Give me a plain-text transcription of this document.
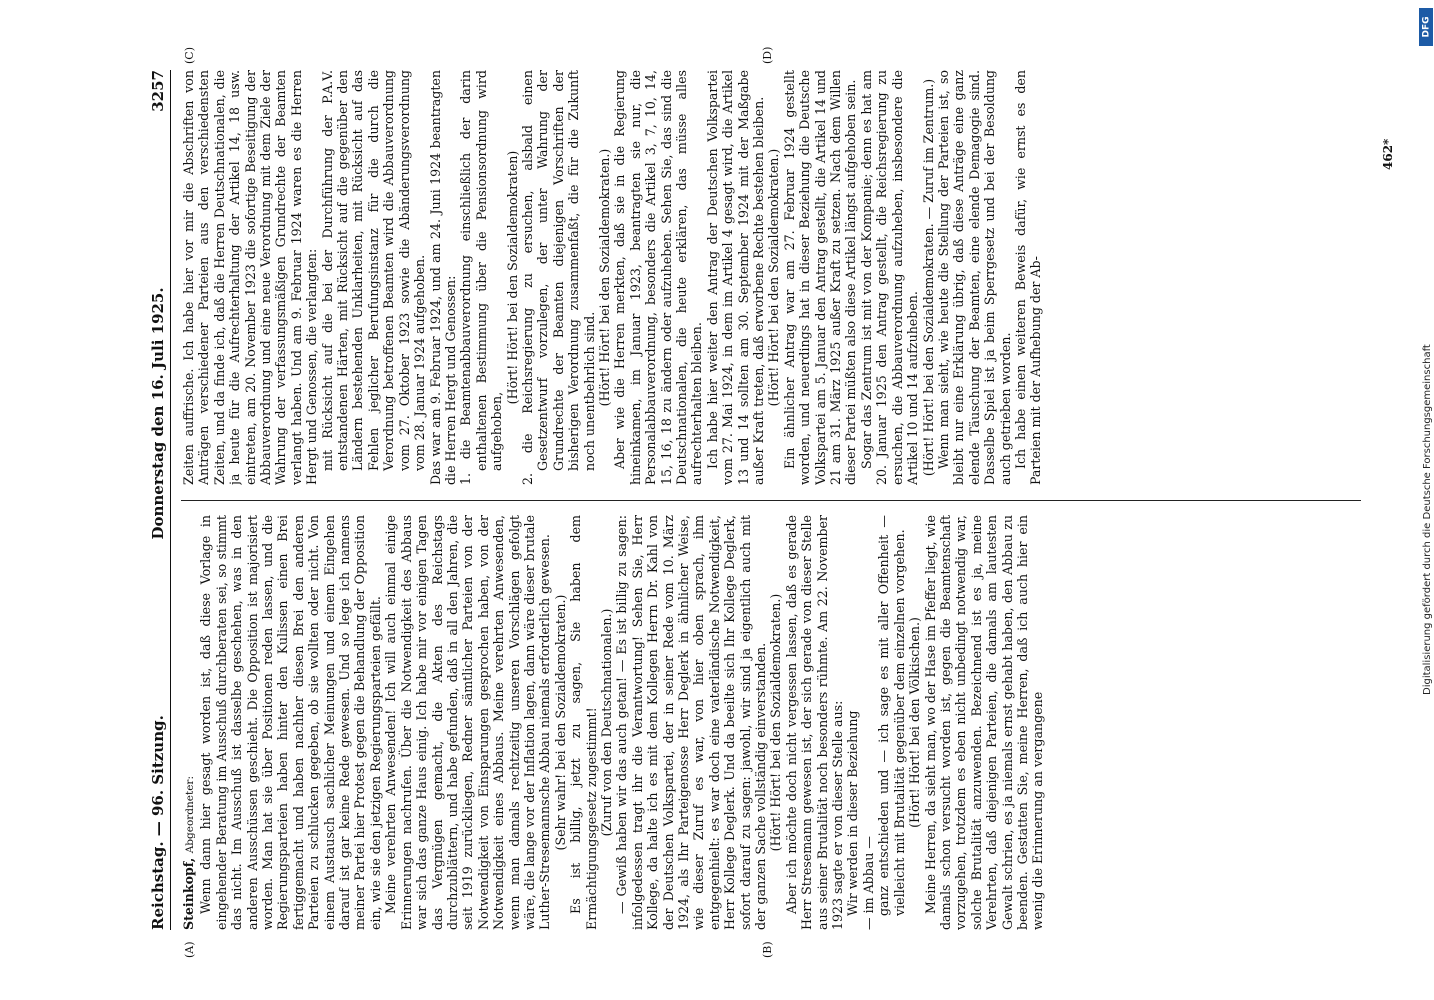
Reichstag. — 96. Sitzung.
Donnerstag den 16. Juli 1925.
3257
(A)	(B)
(C)	(D)

Steinkopf, Abgeordneter: Wenn dann hier gesagt worden ist, daß diese Vorlage in eingehender Beratung im Ausschuß durchberaten sei, so stimmt das nicht. Im Ausschuß ist dasselbe geschehen, was in den anderen Ausschüssen geschieht. Die Opposition ist majorisiert worden. Man hat sie über Positionen reden lassen, und die Regierungsparteien haben hinter den Kulissen einen Brei fertiggemacht und haben nachher diesen Brei den anderen Parteien zu schlucken gegeben, ob sie wollten oder nicht. Von einem Austausch sachlicher Meinungen und einem Eingehen darauf ist gar keine Rede gewesen. Und so lege ich namens meiner Partei hier Protest gegen die Behandlung der Opposition ein, wie sie den jetzigen Regierungsparteien gefällt. Meine verehrten Anwesenden! Ich will auch einmal einige Erinnerungen nachrufen. Über die Notwendigkeit des Abbaus war sich das ganze Haus einig. Ich habe mir vor einigen Tagen das Vergnügen gemacht, die Akten des Reichstags durchzublättern, und habe gefunden, daß in all den Jahren, die seit 1919 zurückliegen, Redner sämtlicher Parteien von der Notwendigkeit von Einsparungen gesprochen haben, von der Notwendigkeit eines Abbaus. Meine verehrten Anwesenden, wenn man damals rechtzeitig unseren Vorschlägen gefolgt wäre, die lange vor der Inflation lagen, dann wäre dieser brutale Luther-Stresemannsche Abbau niemals erforderlich gewesen. (Sehr wahr! bei den Sozialdemokraten.) Es ist billig, jetzt zu sagen, Sie haben dem Ermächtigungsgesetz zugestimmt! (Zuruf von den Deutschnationalen.) — Gewiß haben wir das auch getan! — Es ist billig zu sagen: infolgedessen tragt ihr die Verantwortung! Sehen Sie, Herr Kollege, da halte ich es mit dem Kollegen Herrn Dr. Kahl von der Deutschen Volkspartei, der in seiner Rede vom 10. März 1924, als Ihr Parteigenosse Herr Deglerk in ähnlicher Weise, wie dieser Zuruf es war, von hier oben sprach, ihm entgegenhielt: es war doch eine vaterländische Notwendigkeit, Herr Kollege Deglerk. Und da beeilte sich Ihr Kollege Deglerk, sofort darauf zu sagen: jawohl, wir sind ja eigentlich auch mit der ganzen Sache vollständig einverstanden. (Hört! Hört! bei den Sozialdemokraten.) Aber ich möchte doch nicht vergessen lassen, daß es gerade Herr Stresemann gewesen ist, der sich gerade von dieser Stelle aus seiner Brutalität noch besonders rühmte. Am 22. November 1923 sagte er von dieser Stelle aus: Wir werden in dieser Beziehung — im Abbau — ganz entschieden und — ich sage es mit aller Offenheit — vielleicht mit Brutalität gegenüber dem einzelnen vorgehen. (Hört! Hört! bei den Völkischen.) Meine Herren, da sieht man, wo der Hase im Pfeffer liegt, wie damals schon versucht worden ist, gegen die Beamtenschaft vorzugehen, trotzdem es eben nicht unbedingt notwendig war, solche Brutalität anzuwenden. Bezeichnend ist es ja, meine Verehrten, daß diejenigen Parteien, die damals am lautesten Gewalt schrien, es ja niemals ernst gehabt haben, den Abbau zu beenden. Gestatten Sie, meine Herren, daß ich auch hier ein wenig die Erinnerung an vergangene

Zeiten auffrische. Ich habe hier vor mir die Abschriften von Anträgen verschiedener Parteien aus den verschiedensten Zeiten, und da finde ich, daß die Herren Deutschnationalen, die ja heute für die Aufrechterhaltung der Artikel 14, 18 usw. eintreten, am 20. November 1923 die sofortige Beseitigung der Abbauverordnung und eine neue Verordnung mit dem Ziele der Wahrung der verfassungsmäßigen Grundrechte der Beamten verlangt haben. Und am 9. Februar 1924 waren es die Herren Hergt und Genossen, die verlangten: mit Rücksicht auf die bei der Durchführung der P.A.V. entstandenen Härten, mit Rücksicht auf die gegenüber den Ländern bestehenden Unklarheiten, mit Rücksicht auf das Fehlen jeglicher Berufungsinstanz für die durch die Verordnung betroffenen Beamten wird die Abbauverordnung vom 27. Oktober 1923 sowie die Abänderungsverordnung vom 28. Januar 1924 aufgehoben. Das war am 9. Februar 1924, und am 24. Juni 1924 beantragten die Herren Hergt und Genossen: 1. die Beamtenabbauverordnung einschließlich der darin enthaltenen Bestimmung über die Pensionsordnung wird aufgehoben,

(Hört! Hört! bei den Sozialdemokraten) 2. die Reichsregierung zu ersuchen, alsbald einen Gesetzentwurf vorzulegen, der unter Wahrung der Grundrechte der Beamten diejenigen Vorschriften der bisherigen Verordnung zusammenfaßt, die für die Zukunft noch unentbehrlich sind. (Hört! Hört! bei den Sozialdemokraten.) Aber wie die Herren merkten, daß sie in die Regierung hineinkamen, im Januar 1923, beantragten sie nur, die Personalabbauverordnung, besonders die Artikel 3, 7, 10, 14, 15, 16, 18 zu ändern oder aufzuheben. Sehen Sie, das sind die Deutschnationalen, die heute erklären, das müsse alles aufrechterhalten bleiben. Ich habe hier weiter den Antrag der Deutschen Volkspartei vom 27. Mai 1924, in dem im Artikel 4 gesagt wird, die Artikel 13 und 14 sollten am 30. September 1924 mit der Maßgabe außer Kraft treten, daß erworbene Rechte bestehen bleiben. (Hört! Hört! bei den Sozialdemokraten.) Ein ähnlicher Antrag war am 27. Februar 1924 gestellt worden, und neuerdings hat in dieser Beziehung die Deutsche Volkspartei am 5. Januar den Antrag gestellt, die Artikel 14 und 21 am 31. März 1925 außer Kraft zu setzen. Nach dem Willen dieser Partei müßten also diese Artikel längst aufgehoben sein. Sogar das Zentrum ist mit von der Kompanie; denn es hat am 20. Januar 1925 den Antrag gestellt, die Reichsregierung zu ersuchen, die Abbauverordnung aufzuheben, insbesondere die Artikel 10 und 14 aufzuheben. (Hört! Hört! bei den Sozialdemokraten. — Zuruf im Zentrum.) Wenn man sieht, wie heute die Stellung der Parteien ist, so bleibt nur eine Erklärung übrig, daß diese Anträge eine ganz elende Täuschung der Beamten, eine elende Demagogie sind. Dasselbe Spiel ist ja beim Sperrgesetz und bei der Besoldung auch getrieben worden. Ich habe einen weiteren Beweis dafür, wie ernst es den Parteien mit der Aufhebung der Ab-

462*
DFG
Digitalisierung gefördert durch die Deutsche Forschungsgemeinschaft
